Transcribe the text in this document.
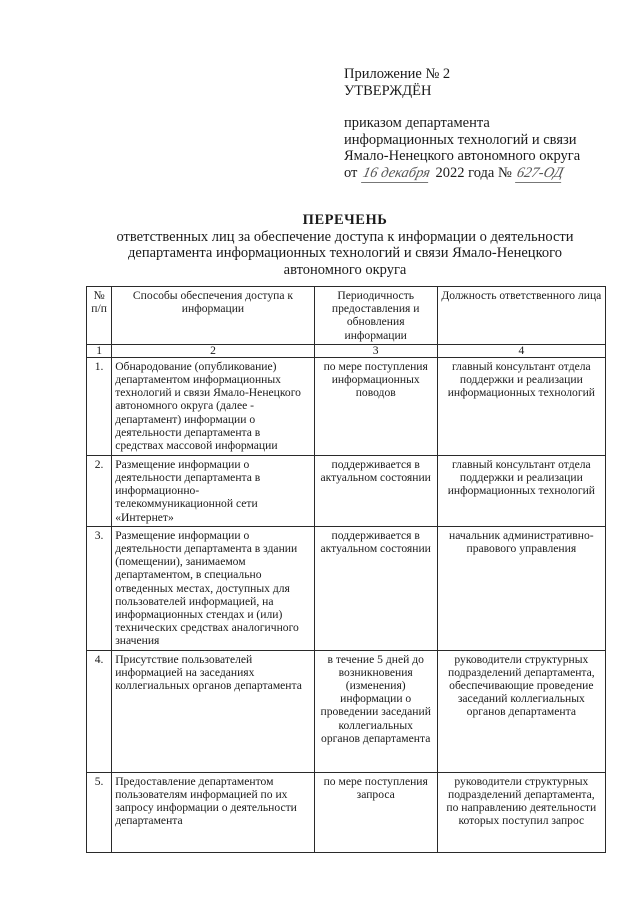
Приложение № 2
УТВЕРЖДЁН
приказом департамента
информационных технологий и связи
Ямало-Ненецкого автономного округа
от 16 декабря 2022 года № 627-ОД
ПЕРЕЧЕНЬ
ответственных лиц за обеспечение доступа к информации о деятельности
департамента информационных технологий и связи Ямало-Ненецкого
автономного округа
№ п/п	Способы обеспечения доступа к информации	Периодичность предоставления и обновления информации	Должность ответственного лица
1	2	3	4
1.	Обнародование (опубликование) департаментом информационных технологий и связи Ямало-Ненецкого автономного округа (далее - департамент) информации о деятельности департамента в средствах массовой информации	по мере поступления информационных поводов	главный консультант отдела поддержки и реализации информационных технологий
2.	Размещение информации о деятельности департамента в информационно-телекоммуникационной сети «Интернет»	поддерживается в актуальном состоянии	главный консультант отдела поддержки и реализации информационных технологий
3.	Размещение информации о деятельности департамента в здании (помещении), занимаемом департаментом, в специально отведенных местах, доступных для пользователей информацией, на информационных стендах и (или) технических средствах аналогичного значения	поддерживается в актуальном состоянии	начальник административно-правового управления
4.	Присутствие пользователей информацией на заседаниях коллегиальных органов департамента	в течение 5 дней до возникновения (изменения) информации о проведении заседаний коллегиальных органов департамента	руководители структурных подразделений департамента, обеспечивающие проведение заседаний коллегиальных органов департамента
5.	Предоставление департаментом пользователям информацией по их запросу информации о деятельности департамента	по мере поступления запроса	руководители структурных подразделений департамента, по направлению деятельности которых поступил запрос
